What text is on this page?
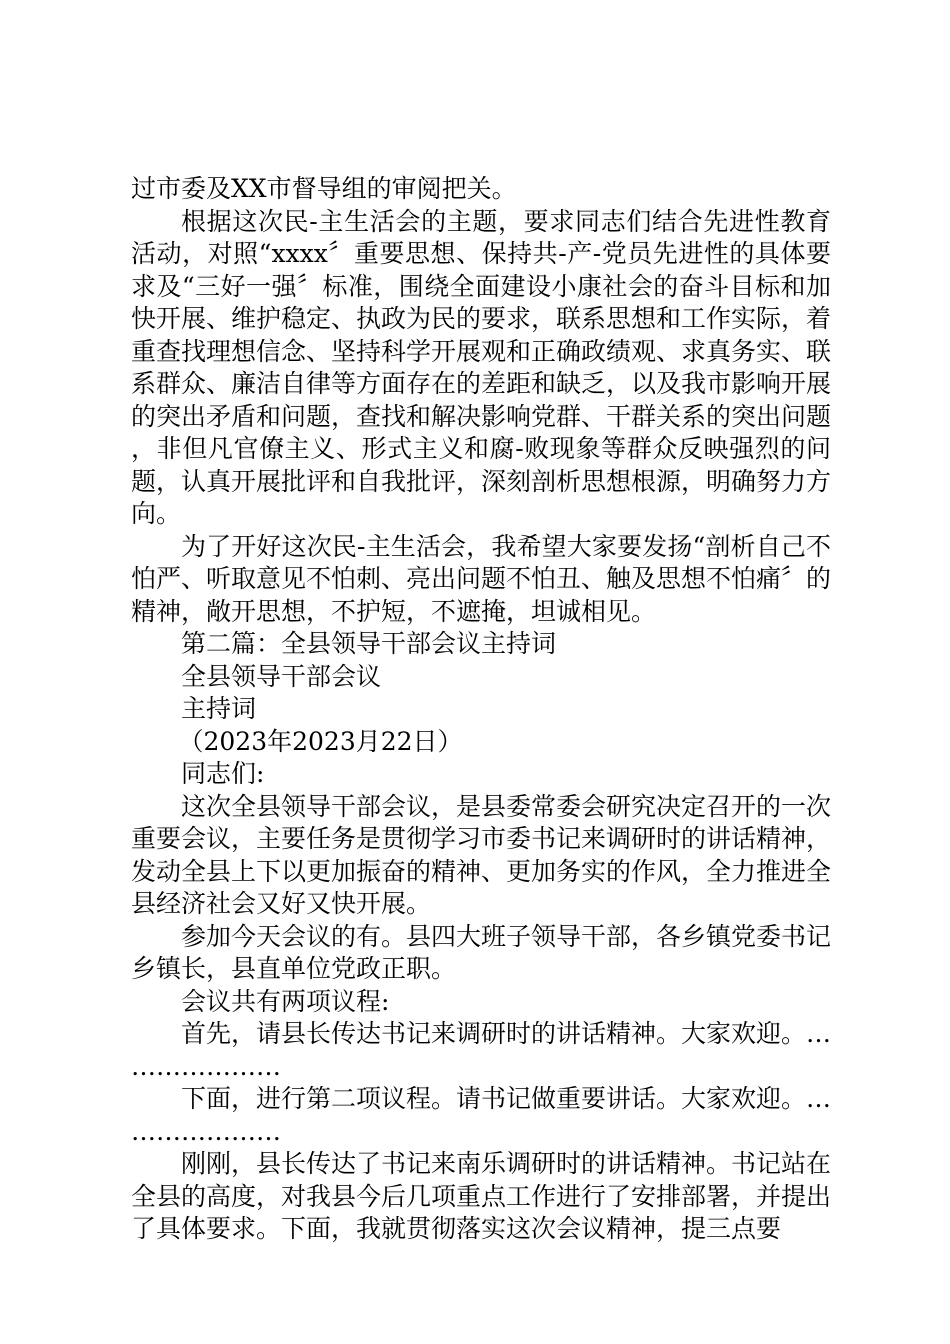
过市委及XX市督导组的审阅把关。

根据这次民-主生活会的主题，要求同志们结合先进性教育活动，对照“xxxx〞重要思想、保持共-产-党员先进性的具体要求及“三好一强〞标准，围绕全面建设小康社会的奋斗目标和加快开展、维护稳定、执政为民的要求，联系思想和工作实际，着重查找理想信念、坚持科学开展观和正确政绩观、求真务实、联系群众、廉洁自律等方面存在的差距和缺乏，以及我市影响开展的突出矛盾和问题，查找和解决影响党群、干群关系的突出问题，非但凡官僚主义、形式主义和腐-败现象等群众反映强烈的问题，认真开展批评和自我批评，深刻剖析思想根源，明确努力方向。

为了开好这次民-主生活会，我希望大家要发扬“剖析自己不怕严、听取意见不怕刺、亮出问题不怕丑、触及思想不怕痛〞的精神，敞开思想，不护短，不遮掩，坦诚相见。

第二篇：全县领导干部会议主持词

全县领导干部会议

主持词

（2023年2023月22日）

同志们:

这次全县领导干部会议，是县委常委会研究决定召开的一次重要会议，主要任务是贯彻学习市委书记来调研时的讲话精神，发动全县上下以更加振奋的精神、更加务实的作风，全力推进全县经济社会又好又快开展。

参加今天会议的有。县四大班子领导干部，各乡镇党委书记乡镇长，县直单位党政正职。

会议共有两项议程:

首先，请县长传达书记来调研时的讲话精神。大家欢迎。…………………

下面，进行第二项议程。请书记做重要讲话。大家欢迎。…………………

刚刚，县长传达了书记来南乐调研时的讲话精神。书记站在全县的高度，对我县今后几项重点工作进行了安排部署，并提出了具体要求。下面，我就贯彻落实这次会议精神，提三点要
